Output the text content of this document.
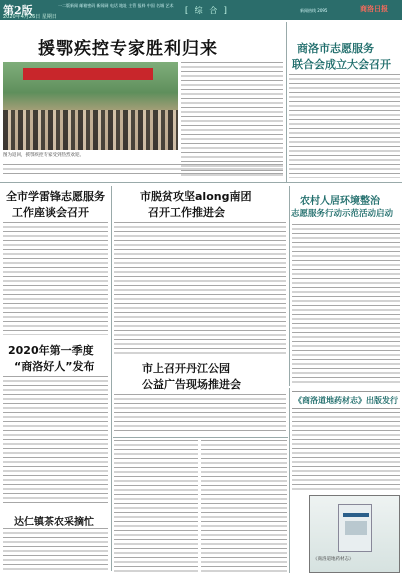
第2版
2020年4月26日 星期日
一二版新闻 邮箱密码 新闻网 电话 地址 主管 报料 中国 名城 艺术
[ 综 合 ]	新闻热线 2095	商洛日报
援鄂疾控专家胜利归来
图为返回，援鄂疾控专家受到热烈欢迎。
商洛市志愿服务
联合会成立大会召开
全市学雷锋志愿服务
工作座谈会召开
市脱贫攻坚along南团
召开工作推进会
农村人居环境整治
志愿服务行动示范活动启动
2020年第一季度
“商洛好人”发布	市上召开丹江公园
公益广告现场推进会
《商洛道地药材志》出版发行
达仁镇茶农采摘忙
《商洛道地药材志》
